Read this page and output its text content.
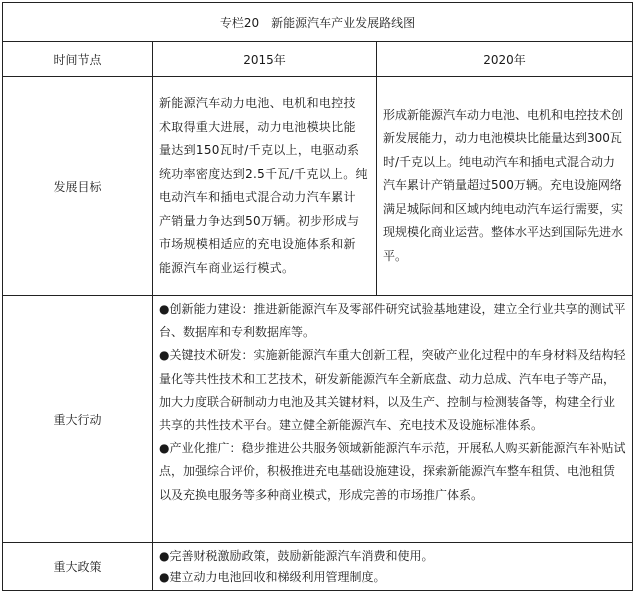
专栏20　新能源汽车产业发展路线图		
时间节点	2015年	2020年
发展目标	新能源汽车动力电池、电机和电控技术取得重大进展，动力电池模块比能量达到150瓦时/千克以上，电驱动系统功率密度达到2.5千瓦/千克以上。纯电动汽车和插电式混合动力汽车累计产销量力争达到50万辆。初步形成与市场规模相适应的充电设施体系和新能源汽车商业运行模式。	形成新能源汽车动力电池、电机和电控技术创新发展能力，动力电池模块比能量达到300瓦时/千克以上。纯电动汽车和插电式混合动力汽车累计产销量超过500万辆。充电设施网络满足城际间和区域内纯电动汽车运行需要，实现规模化商业运营。整体水平达到国际先进水平。
重大行动	●创新能力建设：推进新能源汽车及零部件研究试验基地建设，建立全行业共享的测试平台、数据库和专利数据库等。
●关键技术研发：实施新能源汽车重大创新工程，突破产业化过程中的车身材料及结构轻量化等共性技术和工艺技术，研发新能源汽车全新底盘、动力总成、汽车电子等产品，加大力度联合研制动力电池及其关键材料，以及生产、控制与检测装备等，构建全行业共享的共性技术平台。建立健全新能源汽车、充电技术及设施标准体系。
●产业化推广：稳步推进公共服务领域新能源汽车示范，开展私人购买新能源汽车补贴试点，加强综合评价，积极推进充电基础设施建设，探索新能源汽车整车租赁、电池租赁以及充换电服务等多种商业模式，形成完善的市场推广体系。	

重大政策	●完善财税激励政策，鼓励新能源汽车消费和使用。
●建立动力电池回收和梯级利用管理制度。	
